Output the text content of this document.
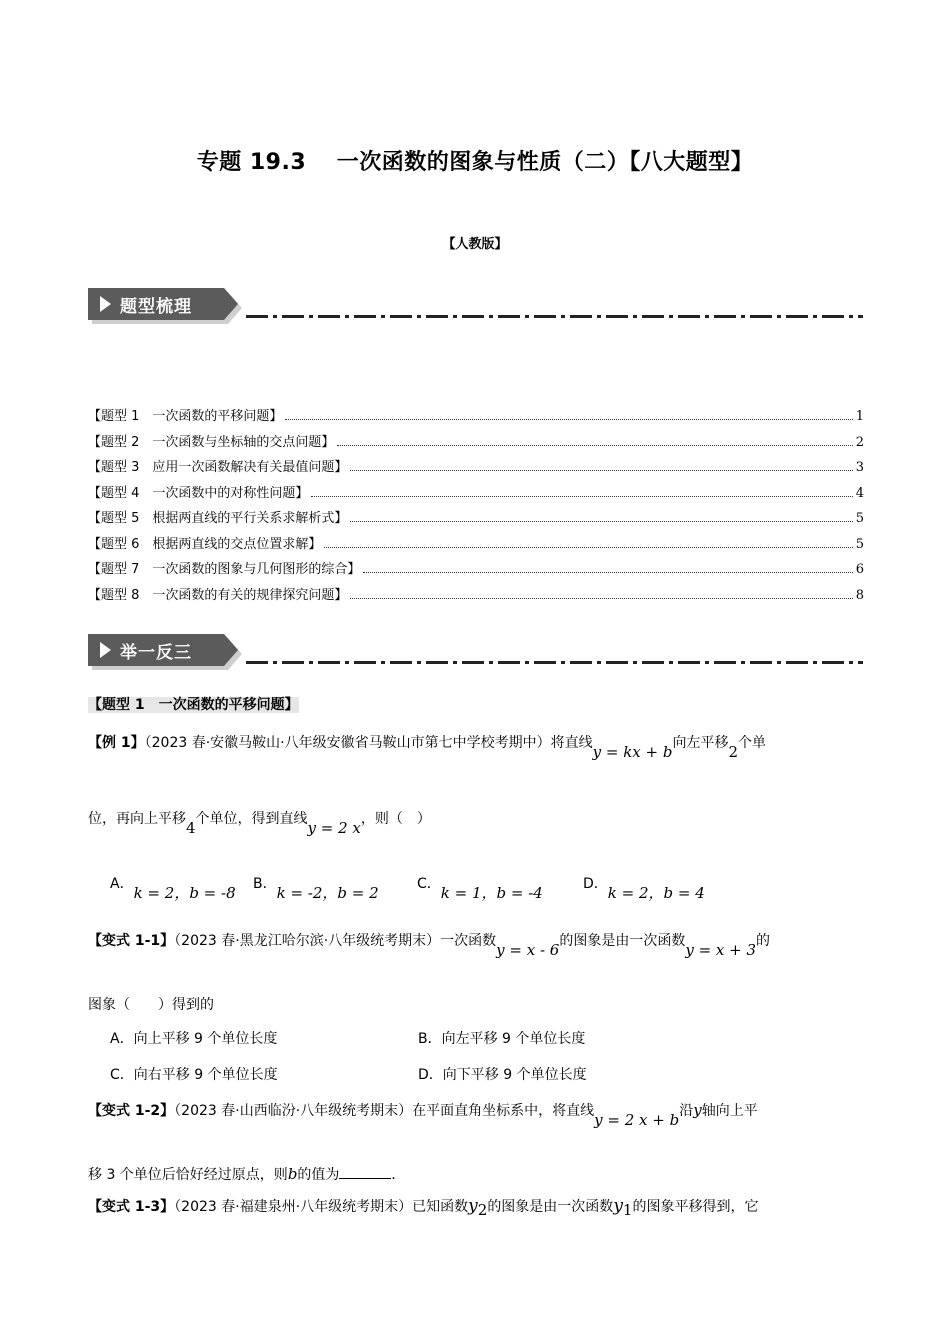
专题 19.3　 一次函数的图象与性质（二）【八大题型】
【人教版】
题型梳理
【题型 1　一次函数的平移问题】	1
【题型 2　一次函数与坐标轴的交点问题】	2
【题型 3　应用一次函数解决有关最值问题】	3
【题型 4　一次函数中的对称性问题】	4
【题型 5　根据两直线的平行关系求解析式】	5
【题型 6　根据两直线的交点位置求解】	5
【题型 7　一次函数的图象与几何图形的综合】	6
【题型 8　一次函数的有关的规律探究问题】	8
举一反三
【题型 1　一次函数的平移问题】
【例 1】（2023 春·安徽马鞍山·八年级安徽省马鞍山市第七中学校考期中）将直线y = kx + b向左平移2个单
位，再向上平移4个单位，得到直线y = 2 x，则（　）
A．k = 2，b = -8 B．k = -2，b = 2	C．k = 1，b = -4	D．k = 2，b = 4
【变式 1-1】（2023 春·黑龙江哈尔滨·八年级统考期末）一次函数y = x - 6的图象是由一次函数y = x + 3的
图象（　　）得到的
A．向上平移 9 个单位长度	B．向左平移 9 个单位长度
C．向右平移 9 个单位长度	D．向下平移 9 个单位长度
【变式 1-2】（2023 春·山西临汾·八年级统考期末）在平面直角坐标系中，将直线y = 2 x + b沿y轴向上平
移 3 个单位后恰好经过原点，则b的值为	．
【变式 1-3】（2023 春·福建泉州·八年级统考期末）已知函数$y_2$的图象是由一次函数$y_1$的图象平移得到，它
